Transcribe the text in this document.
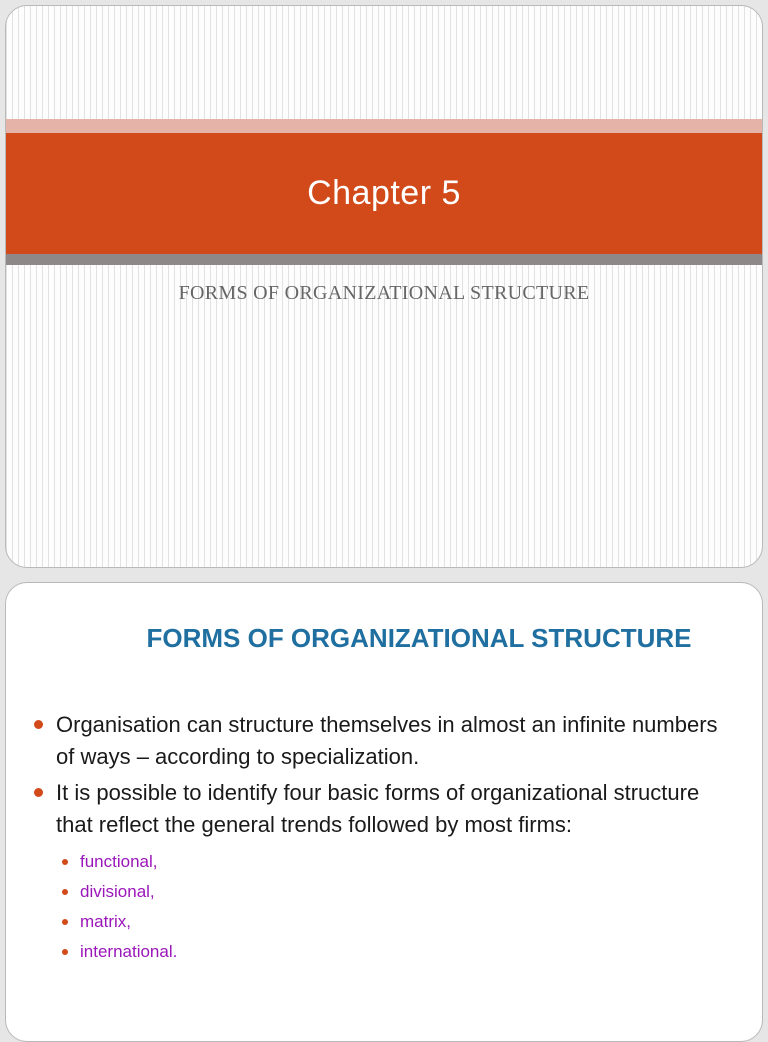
Chapter 5
FORMS OF ORGANIZATIONAL STRUCTURE
FORMS OF ORGANIZATIONAL STRUCTURE
Organisation can structure themselves in almost an infinite numbers of ways – according to specialization.
It is possible to identify four basic forms of organizational structure that reflect the general trends followed by most firms:
functional,
divisional,
matrix,
international.
